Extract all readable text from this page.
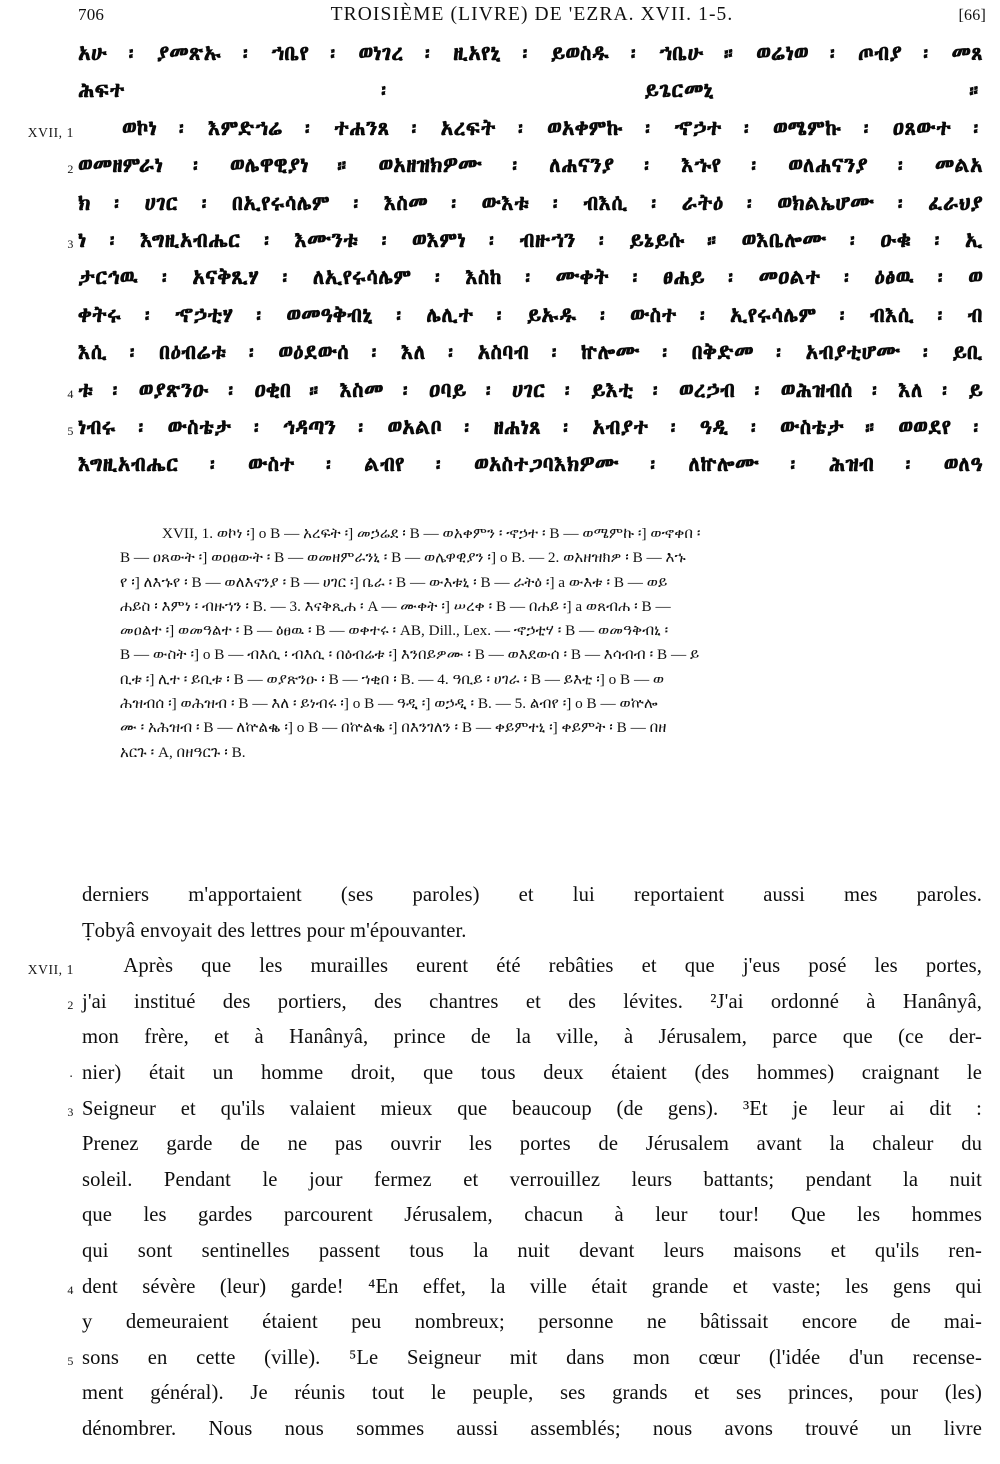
706	TROISIÈME (LIVRE) DE 'EZRA. XVII. 1-5.	[66]
አሁ ፡ ያመጽኡ ፡ ኀቤየ ፡ ወነገረ ፡ ዚአየኒ ፡ ይወስዱ ፡ ኀቤሁ ። ወሬነወ ፡ ጦብያ ፡ መጸ
ሕፍተ ፡ ይጌርመኒ ።
XVII, 1 ወኮነ ፡ እምድኀሬ ፡ ተሐንጸ ፡ አረፍት ፡ ወአቀምኩ ፡ ኆኃተ ፡ ወሜምኩ ፡ ዐጸውተ ፡
2 ወመዘምራነ ፡ ወሌዋዊያነ ። ወአዘዝክዎሙ ፡ ለሐናንያ ፡ እኁየ ፡ ወለሐናንያ ፡ መልአ
ክ ፡ ሀገር ፡ በኢየሩሳሌም ፡ እስመ ፡ ውእቱ ፡ ብእሲ ፡ ራትዕ ፡ ወክልኤሆሙ ፡ ፈራህያ
3 ነ ፡ እግዚአብሔር ፡ እሙንቱ ፡ ወእምነ ፡ ብዙኀን ፡ ይኔይሱ ። ወእቤሎሙ ፡ ዑቁ ፡ ኢ
ታርኅዉ ፡ አናቅጺሃ ፡ ለኢየሩሳሌም ፡ እስከ ፡ ሙቀት ፡ ፀሐይ ፡ መዐልተ ፡ ዕፅዉ ፡ ወ
ቀትሩ ፡ ኆኃቲሃ ፡ ወመዓቅብኒ ፡ ሌሊተ ፡ ይኡዱ ፡ ውስተ ፡ ኢየሩሳሌም ፡ ብእሲ ፡ ብ
እሲ ፡ በዕብሬቱ ፡ ወዕደውሰ ፡ እለ ፡ አስባብ ፡ ኵሎሙ ፡ በቅድመ ፡ አብያቲሆሙ ፡ ይቢ
4 ቱ ፡ ወያጽንዑ ፡ ዐቂበ ። እስመ ፡ ዐባይ ፡ ሀገር ፡ ይእቲ ፡ ወረኃብ ፡ ወሕዝብሰ ፡ እለ ፡ ይ
5 ነብሩ ፡ ውስቴታ ፡ ኅዳጣን ፡ ወአልቦ ፡ ዘሐነጸ ፡ አብያተ ፡ ዓዲ ፡ ውስቴታ ። ወወደየ ፡
እግዚአብሔር ፡ ውስተ ፡ ልብየ ፡ ወአስተጋባእክዎሙ ፡ ለኵሎሙ ፡ ሕዝብ ፡ ወለዓ
XVII, 1. ወኮነ ፡] o B — አረፍት ፡] መኃሬደ ፡ B — ወአቀምን ፡ ኆኃተ ፡ B — ወሜምኩ ፡] ወኆቀበ ፡
B — ዐጸውት ፡] ወዐፀውት ፡ B — ወመዘምራንኒ ፡ B — ወሌዋዊያን ፡] o B. — 2. ወአዘዝክዎ ፡ B — እኁ
የ ፡] ለእኁየ ፡ B — ወለእናንያ ፡ B — ሀገር ፡] ቤራ ፡ B — ውእቱኒ ፡ B — ራትዕ ፡] a ውእቱ ፡ B — ወይ
ሐይስ ፡ እምነ ፡ ብዙኀን ፡ B. — 3. እናቅጺሐ ፡ A — ሙቀት ፡] ሠረቀ ፡ B — በሐይ ፡] a ወጸብሐ ፡ B —
መዐልተ ፡] ወመዓልተ ፡ B — ዕፀዉ ፡ B — ወቀተሩ ፡ AB, Dill., Lex. — ኆኃቲሃ ፡ B — ወመዓቅብኒ ፡
B — ውስት ፡] o B — ብእሲ ፡ ብእሲ ፡ በዕብሬቱ ፡] እንበይዎሙ ፡ B — ወእደውሰ ፡ B — እሳብብ ፡ B — ይ
ቢቱ ፡] ሊተ ፡ ይቢቱ ፡ B — ወያጽንዑ ፡ B — ኀቂበ ፡ B. — 4. ዓቢይ ፡ ሀገራ ፡ B — ይእቲ ፡] o B — ወ
ሕዝብሰ ፡] ወሕዝብ ፡ B — እለ ፡ ይነብሩ ፡] o B — ዓዲ ፡] ወኃዲ ፡ B. — 5. ልብየ ፡] o B — ወኵሎ
ሙ ፡ አሕዝብ ፡ B — ለኵልቈ ፡] o B — በኵልቈ ፡] በእንገለን ፡ B — ቀይምተኒ ፡] ቀይምት ፡ B — በዘ
አርጉ ፡ A, በዘዓርጉ ፡ B.
derniers m'apportaient (ses paroles) et lui reportaient aussi mes paroles.
Ṭobyâ envoyait des lettres pour m'épouvanter.
XVII, 1   Après que les murailles eurent été rebâties et que j'eus posé les portes,
2 j'ai institué des portiers, des chantres et des lévites. ²J'ai ordonné à Hanânyâ,
mon frère, et à Hanânyâ, prince de la ville, à Jérusalem, parce que (ce der-
· nier) était un homme droit, que tous deux étaient (des hommes) craignant le
3 Seigneur et qu'ils valaient mieux que beaucoup (de gens). ³Et je leur ai dit :
Prenez garde de ne pas ouvrir les portes de Jérusalem avant la chaleur du
soleil. Pendant le jour fermez et verrouillez leurs battants; pendant la nuit
que les gardes parcourent Jérusalem, chacun à leur tour! Que les hommes
qui sont sentinelles passent tous la nuit devant leurs maisons et qu'ils ren-
4 dent sévère (leur) garde! ⁴En effet, la ville était grande et vaste; les gens qui
y demeuraient étaient peu nombreux; personne ne bâtissait encore de mai-
5 sons en cette (ville). ⁵Le Seigneur mit dans mon cœur (l'idée d'un recense-
ment général). Je réunis tout le peuple, ses grands et ses princes, pour (les)
dénombrer. Nous nous sommes aussi assemblés; nous avons trouvé un livre
